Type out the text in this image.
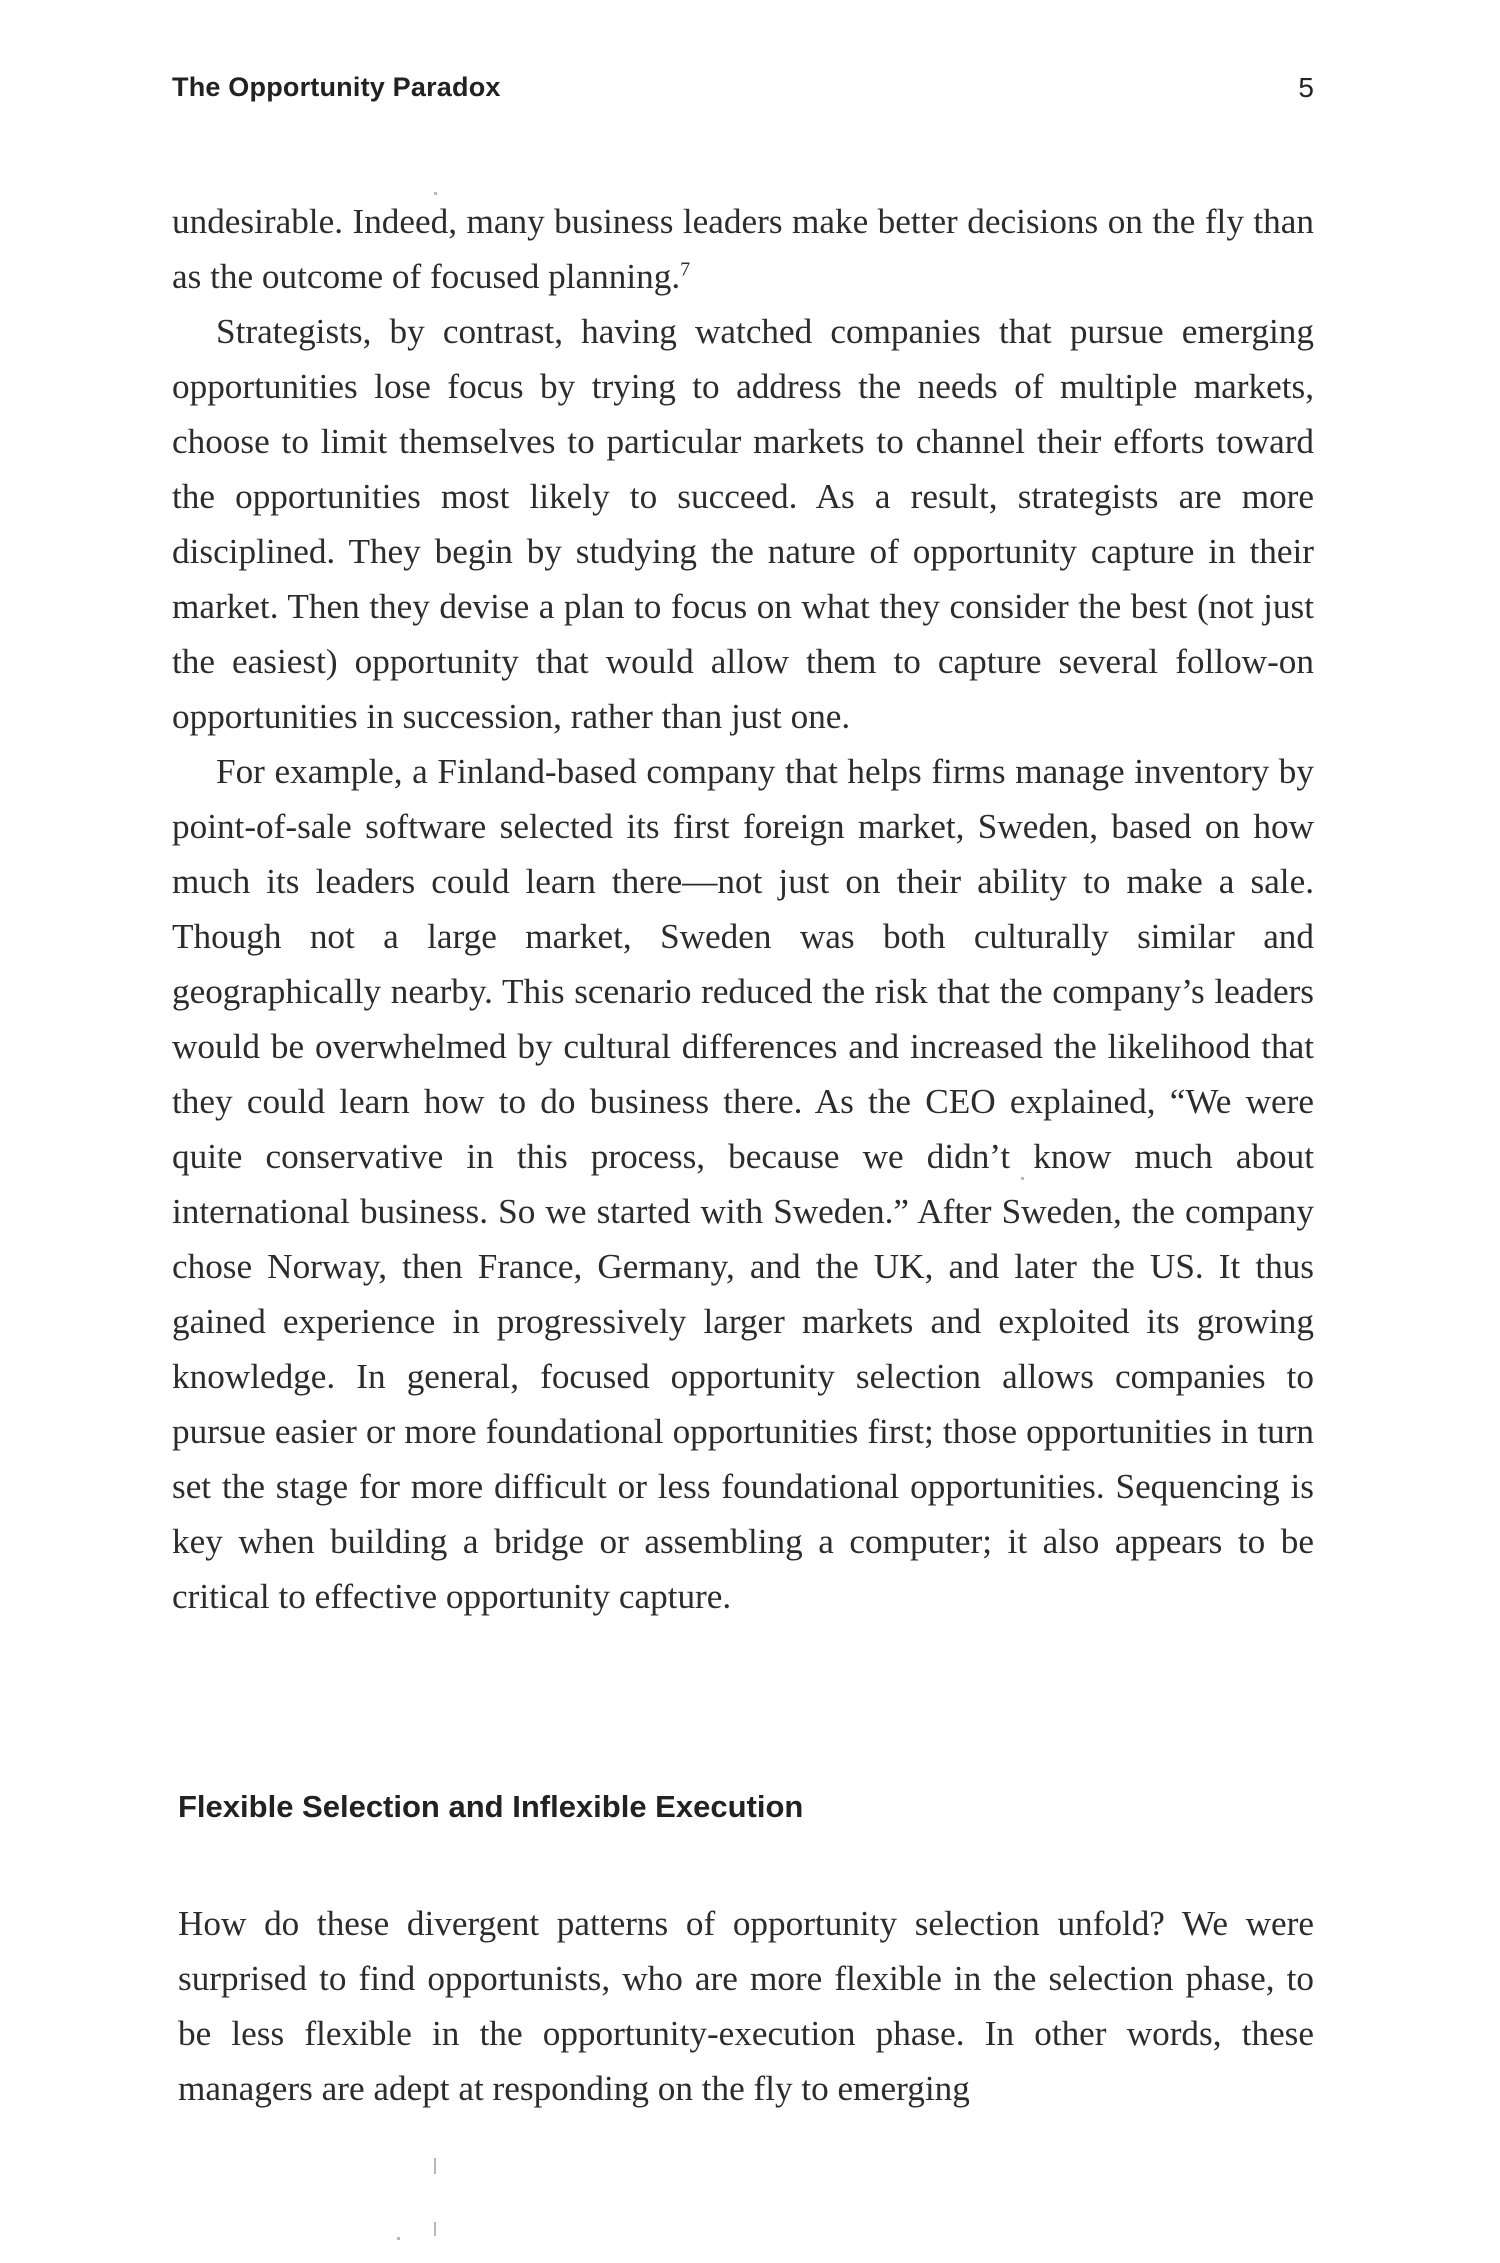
The Opportunity Paradox	5

undesirable. Indeed, many business leaders make better decisions on the fly than as the outcome of focused planning.$^7$

Strategists, by contrast, having watched companies that pursue emerging opportunities lose focus by trying to address the needs of multiple markets, choose to limit themselves to particular markets to channel their efforts toward the opportunities most likely to succeed. As a result, strategists are more disciplined. They begin by studying the nature of opportunity capture in their market. Then they devise a plan to focus on what they consider the best (not just the easiest) opportunity that would allow them to capture several follow-on opportunities in succession, rather than just one.

For example, a Finland-based company that helps firms manage inventory by point-of-sale software selected its first foreign market, Sweden, based on how much its leaders could learn there—not just on their ability to make a sale. Though not a large market, Sweden was both culturally similar and geographically nearby. This scenario reduced the risk that the company’s leaders would be overwhelmed by cultural differences and increased the likelihood that they could learn how to do business there. As the CEO explained, “We were quite conservative in this process, because we didn’t know much about international business. So we started with Sweden.” After Sweden, the company chose Norway, then France, Germany, and the UK, and later the US. It thus gained experience in progressively larger markets and exploited its growing knowledge. In general, focused opportunity selection allows companies to pursue easier or more foundational opportunities first; those opportunities in turn set the stage for more difficult or less foundational opportunities. Sequencing is key when building a bridge or assembling a computer; it also appears to be critical to effective opportunity capture.

Flexible Selection and Inflexible Execution

How do these divergent patterns of opportunity selection unfold? We were surprised to find opportunists, who are more flexible in the selection phase, to be less flexible in the opportunity-execution phase. In other words, these managers are adept at responding on the fly to emerging
